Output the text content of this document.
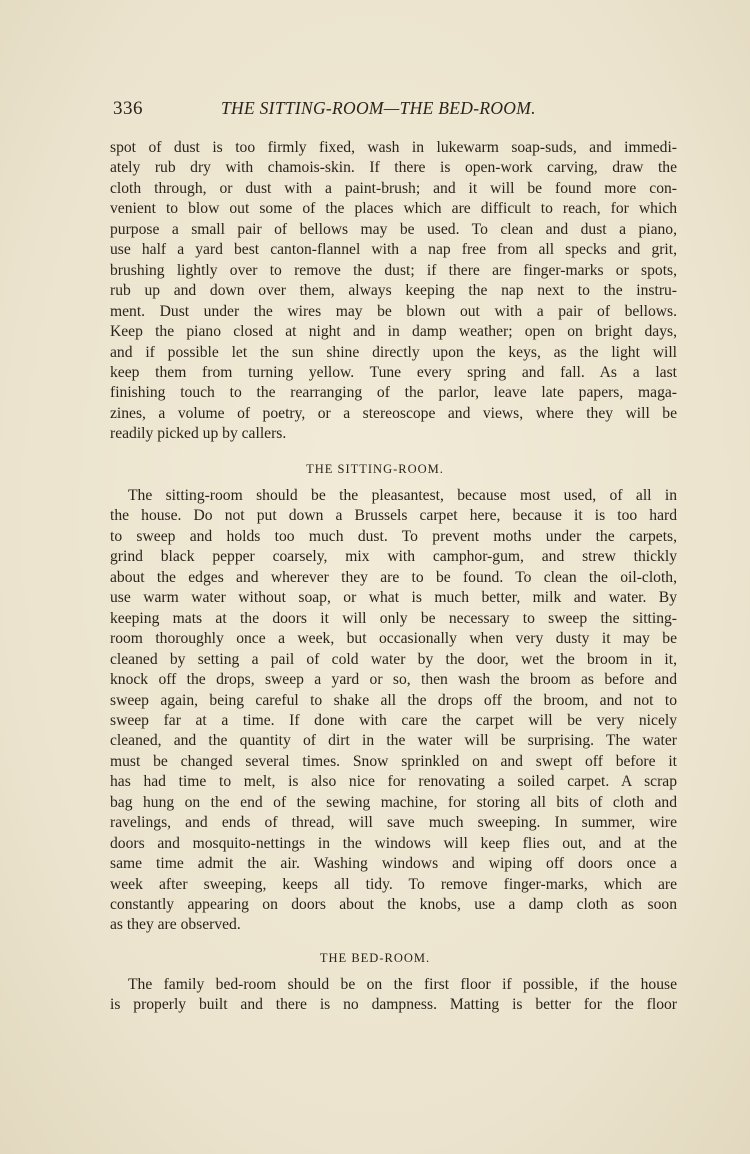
336	THE SITTING-ROOM—THE BED-ROOM.
spot of dust is too firmly fixed, wash in lukewarm soap-suds, and immedi-
ately rub dry with chamois-skin. If there is open-work carving, draw the
cloth through, or dust with a paint-brush; and it will be found more con-
venient to blow out some of the places which are difficult to reach, for which
purpose a small pair of bellows may be used. To clean and dust a piano,
use half a yard best canton-flannel with a nap free from all specks and grit,
brushing lightly over to remove the dust; if there are finger-marks or spots,
rub up and down over them, always keeping the nap next to the instru-
ment. Dust under the wires may be blown out with a pair of bellows.
Keep the piano closed at night and in damp weather; open on bright days,
and if possible let the sun shine directly upon the keys, as the light will
keep them from turning yellow. Tune every spring and fall. As a last
finishing touch to the rearranging of the parlor, leave late papers, maga-
zines, a volume of poetry, or a stereoscope and views, where they will be
readily picked up by callers.
THE SITTING-ROOM.
The sitting-room should be the pleasantest, because most used, of all in
the house. Do not put down a Brussels carpet here, because it is too hard
to sweep and holds too much dust. To prevent moths under the carpets,
grind black pepper coarsely, mix with camphor-gum, and strew thickly
about the edges and wherever they are to be found. To clean the oil-cloth,
use warm water without soap, or what is much better, milk and water. By
keeping mats at the doors it will only be necessary to sweep the sitting-
room thoroughly once a week, but occasionally when very dusty it may be
cleaned by setting a pail of cold water by the door, wet the broom in it,
knock off the drops, sweep a yard or so, then wash the broom as before and
sweep again, being careful to shake all the drops off the broom, and not to
sweep far at a time. If done with care the carpet will be very nicely
cleaned, and the quantity of dirt in the water will be surprising. The water
must be changed several times. Snow sprinkled on and swept off before it
has had time to melt, is also nice for renovating a soiled carpet. A scrap
bag hung on the end of the sewing machine, for storing all bits of cloth and
ravelings, and ends of thread, will save much sweeping. In summer, wire
doors and mosquito-nettings in the windows will keep flies out, and at the
same time admit the air. Washing windows and wiping off doors once a
week after sweeping, keeps all tidy. To remove finger-marks, which are
constantly appearing on doors about the knobs, use a damp cloth as soon
as they are observed.
THE BED-ROOM.
The family bed-room should be on the first floor if possible, if the house
is properly built and there is no dampness. Matting is better for the floor
